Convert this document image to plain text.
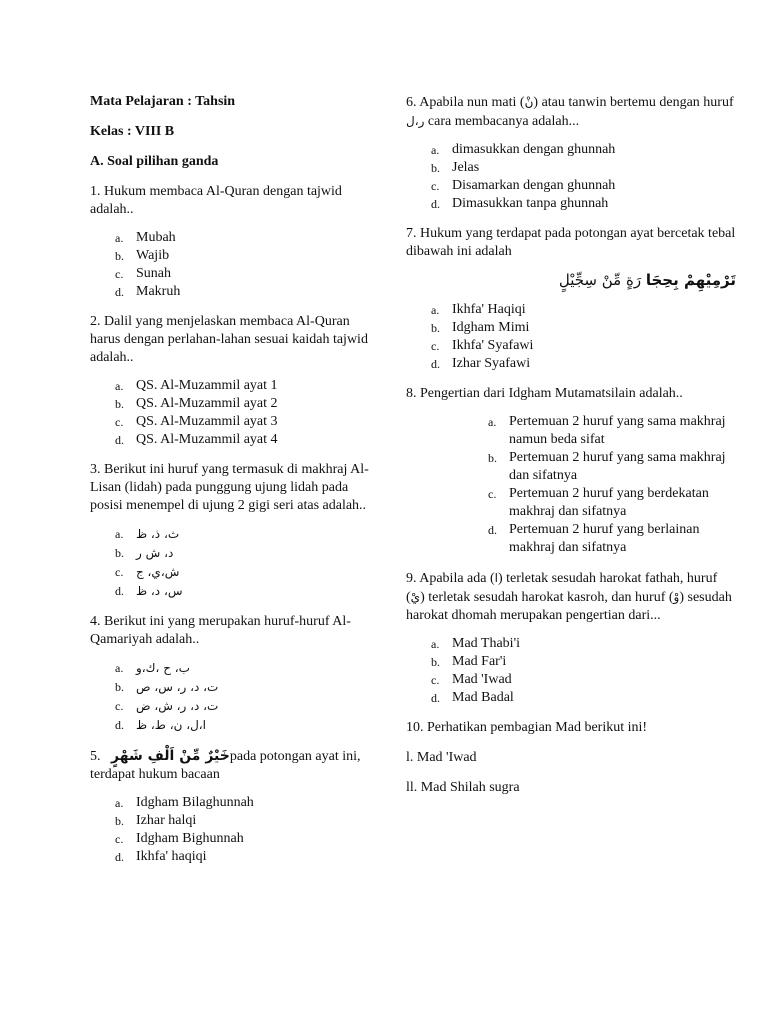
Mata Pelajaran : Tahsin

Kelas : VIII B

A. Soal pilihan ganda

1. Hukum membaca Al-Quran dengan tajwid adalah..

a. Mubah
b. Wajib
c. Sunah
d. Makruh

2. Dalil yang menjelaskan membaca Al-Quran harus dengan perlahan-lahan sesuai kaidah tajwid adalah..

a. QS. Al-Muzammil ayat 1
b. QS. Al-Muzammil ayat 2
c. QS. Al-Muzammil ayat 3
d. QS. Al-Muzammil ayat 4

3. Berikut ini huruf yang termasuk di makhraj Al-Lisan (lidah) pada punggung ujung lidah pada posisi menempel di ujung 2 gigi seri atas adalah..

a. ث، ذ، ظ
b. د، ش ر
c. ش،ي، ج
d. س، د، ظ

4. Berikut ini yang merupakan huruf-huruf Al-Qamariyah adalah..

a. ب، ح ،ك،و
b. ت، د، ر، س، ص
c. ت، د، ر، ش، ض
d. ا،ل، ن، ط، ظ

5. خَيْرٌ مِّنْ اَلْفِ شَهْرٍpada potongan ayat ini, terdapat hukum bacaan

a. Idgham Bilaghunnah
b. Izhar halqi
c. Idgham Bighunnah
d. Ikhfa' haqiqi

6. Apabila nun mati (نْ) atau tanwin bertemu dengan huruf ر،ل cara membacanya adalah...

a. dimasukkan dengan ghunnah
b. Jelas
c. Disamarkan dengan ghunnah
d. Dimasukkan tanpa ghunnah

7. Hukum yang terdapat pada potongan ayat bercetak tebal dibawah ini adalah

تَرْمِيْهِمْ بِحِجَا رَةٍ مِّنْ سِجِّيْلٍ

a. Ikhfa' Haqiqi
b. Idgham Mimi
c. Ikhfa' Syafawi
d. Izhar Syafawi

8. Pengertian dari Idgham Mutamatsilain adalah..

a. Pertemuan 2 huruf yang sama makhraj namun beda sifat
b. Pertemuan 2 huruf yang sama makhraj dan sifatnya
c. Pertemuan 2 huruf yang berdekatan makhraj dan sifatnya
d. Pertemuan 2 huruf yang berlainan makhraj dan sifatnya

9. Apabila ada (ا) terletak sesudah harokat fathah, huruf (يْ) terletak sesudah harokat kasroh, dan huruf (وْ) sesudah harokat dhomah merupakan pengertian dari...

a. Mad Thabi'i
b. Mad Far'i
c. Mad 'Iwad
d. Mad Badal

10. Perhatikan pembagian Mad berikut ini!

l. Mad 'Iwad

ll. Mad Shilah sugra
